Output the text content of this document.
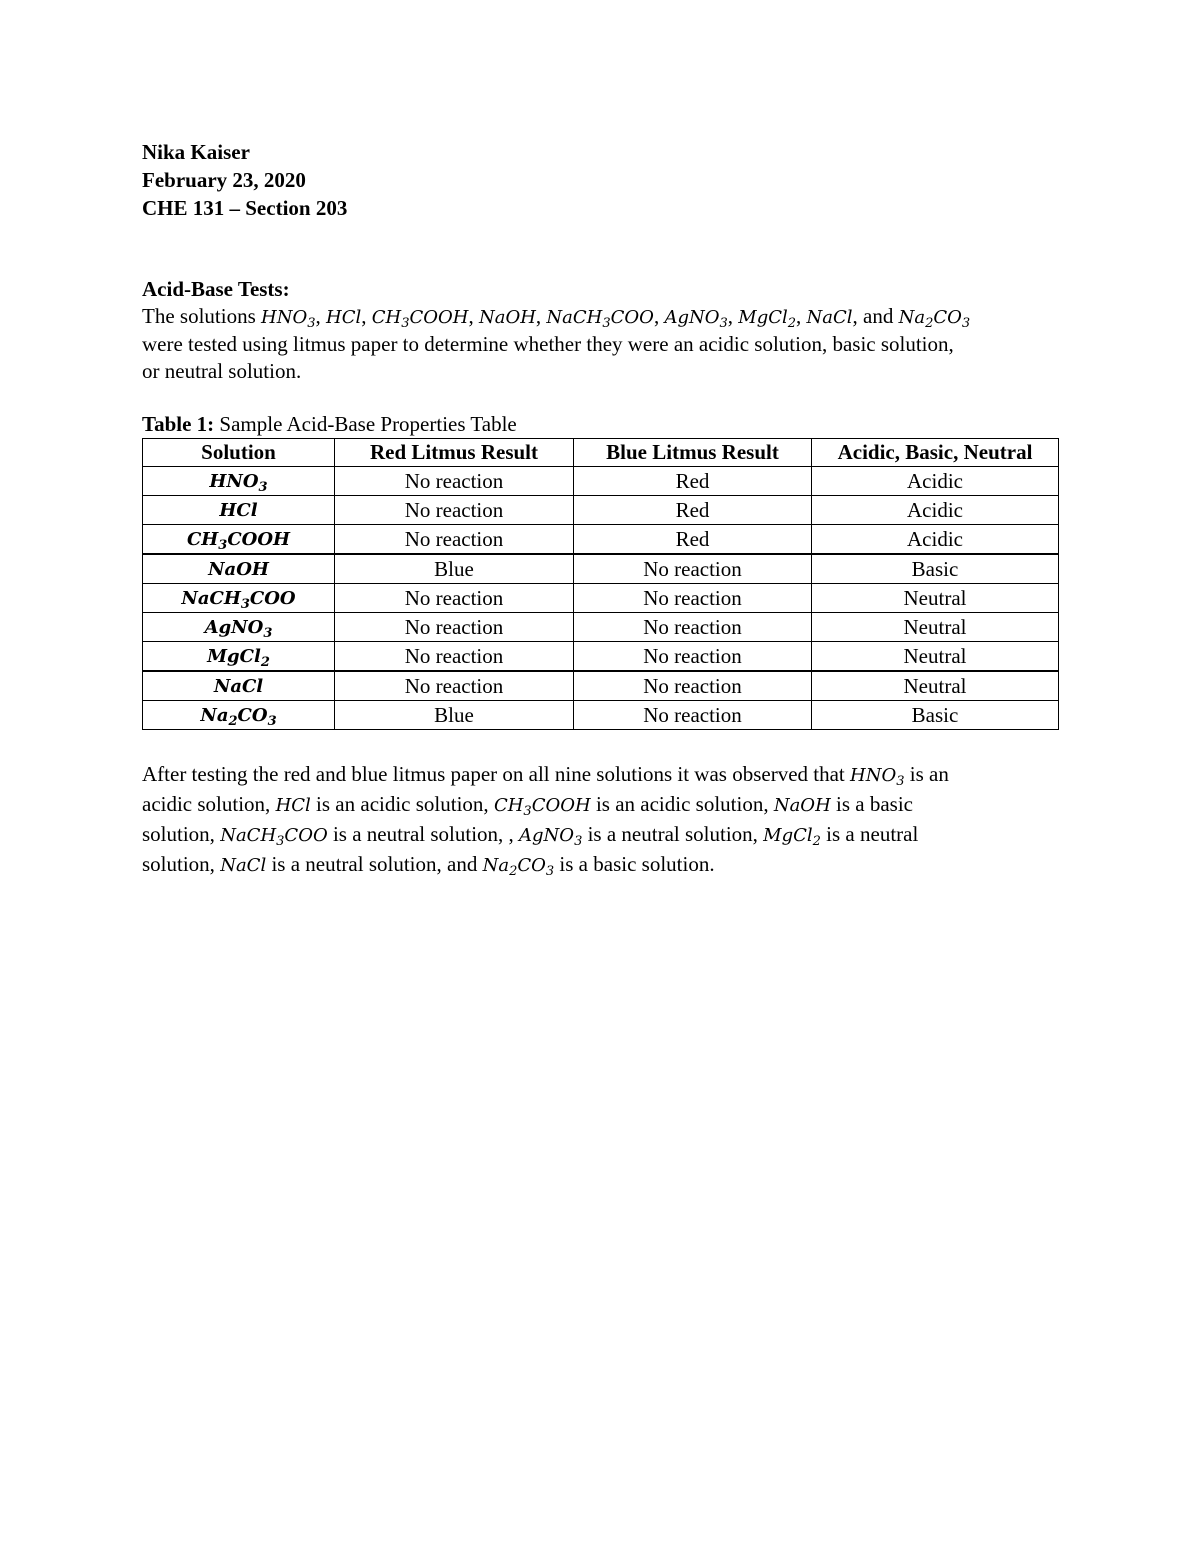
Nika Kaiser
February 23, 2020
CHE 131 – Section 203
Acid-Base Tests:
The solutions $HNO_3$, HCl, $CH_3COOH$, NaOH, NaCH$_3$COO, AgNO$_3$, MgCl$_2$, NaCl, and $Na_2CO_3$
were tested using litmus paper to determine whether they were an acidic solution, basic solution,
or neutral solution.
Table 1: Sample Acid-Base Properties Table
Solution	Red Litmus Result	Blue Litmus Result	Acidic, Basic, Neutral
$HNO_3$	No reaction	Red	Acidic
HCl	No reaction	Red	Acidic
$CH_3COOH$	No reaction	Red	Acidic
NaOH	Blue	No reaction	Basic
NaCH$_3$COO	No reaction	No reaction	Neutral
AgNO$_3$	No reaction	No reaction	Neutral
MgCl$_2$	No reaction	No reaction	Neutral
NaCl	No reaction	No reaction	Neutral
$Na_2CO_3$	Blue	No reaction	Basic
After testing the red and blue litmus paper on all nine solutions it was observed that $HNO_3$ is an
acidic solution, HCl is an acidic solution, $CH_3COOH$ is an acidic solution, NaOH is a basic
solution, NaCH$_3$COO is a neutral solution, , AgNO$_3$ is a neutral solution, MgCl$_2$ is a neutral
solution, NaCl is a neutral solution, and $Na_2CO_3$ is a basic solution.
